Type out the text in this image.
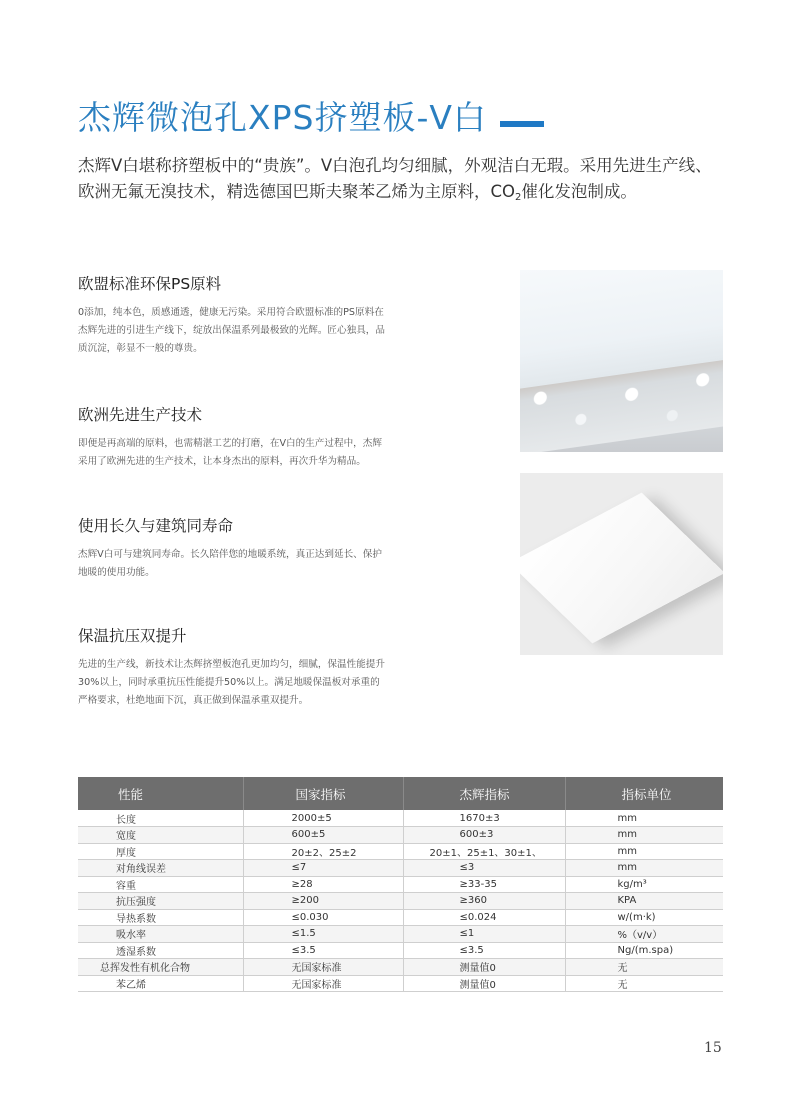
杰辉微泡孔XPS挤塑板-V白

杰辉V白堪称挤塑板中的“贵族”。V白泡孔均匀细腻，外观洁白无瑕。采用先进生产线、欧洲无氟无溴技术，精选德国巴斯夫聚苯乙烯为主原料，$CO_2$催化发泡制成。

欧盟标准环保PS原料

0添加，纯本色，质感通透，健康无污染。采用符合欧盟标准的PS原料在杰辉先进的引进生产线下，绽放出保温系列最极致的光辉。匠心独具，品质沉淀，彰显不一般的尊贵。

欧洲先进生产技术

即便是再高端的原料，也需精湛工艺的打磨，在V白的生产过程中，杰辉采用了欧洲先进的生产技术，让本身杰出的原料，再次升华为精品。

使用长久与建筑同寿命

杰辉V白可与建筑同寿命。长久陪伴您的地暖系统，真正达到延长、保护地暖的使用功能。

保温抗压双提升

先进的生产线，新技术让杰辉挤塑板泡孔更加均匀，细腻，保温性能提升30%以上，同时承重抗压性能提升50%以上。满足地暖保温板对承重的严格要求，杜绝地面下沉，真正做到保温承重双提升。

性能	国家指标	杰辉指标	指标单位
长度	2000±5	1670±3	mm
宽度	600±5	600±3	mm
厚度	20±2、25±2	20±1、25±1、30±1、	mm
对角线误差	≤7	≤3	mm
容重	≥28	≥33-35	kg/m³
抗压强度	≥200	≥360	KPA
导热系数	≤0.030	≤0.024	w/(m·k)
吸水率	≤1.5	≤1	%（v/v）
透湿系数	≤3.5	≤3.5	Ng/(m.spa)
总挥发性有机化合物	无国家标准	测量值0	无
苯乙烯	无国家标准	测量值0	无
15
